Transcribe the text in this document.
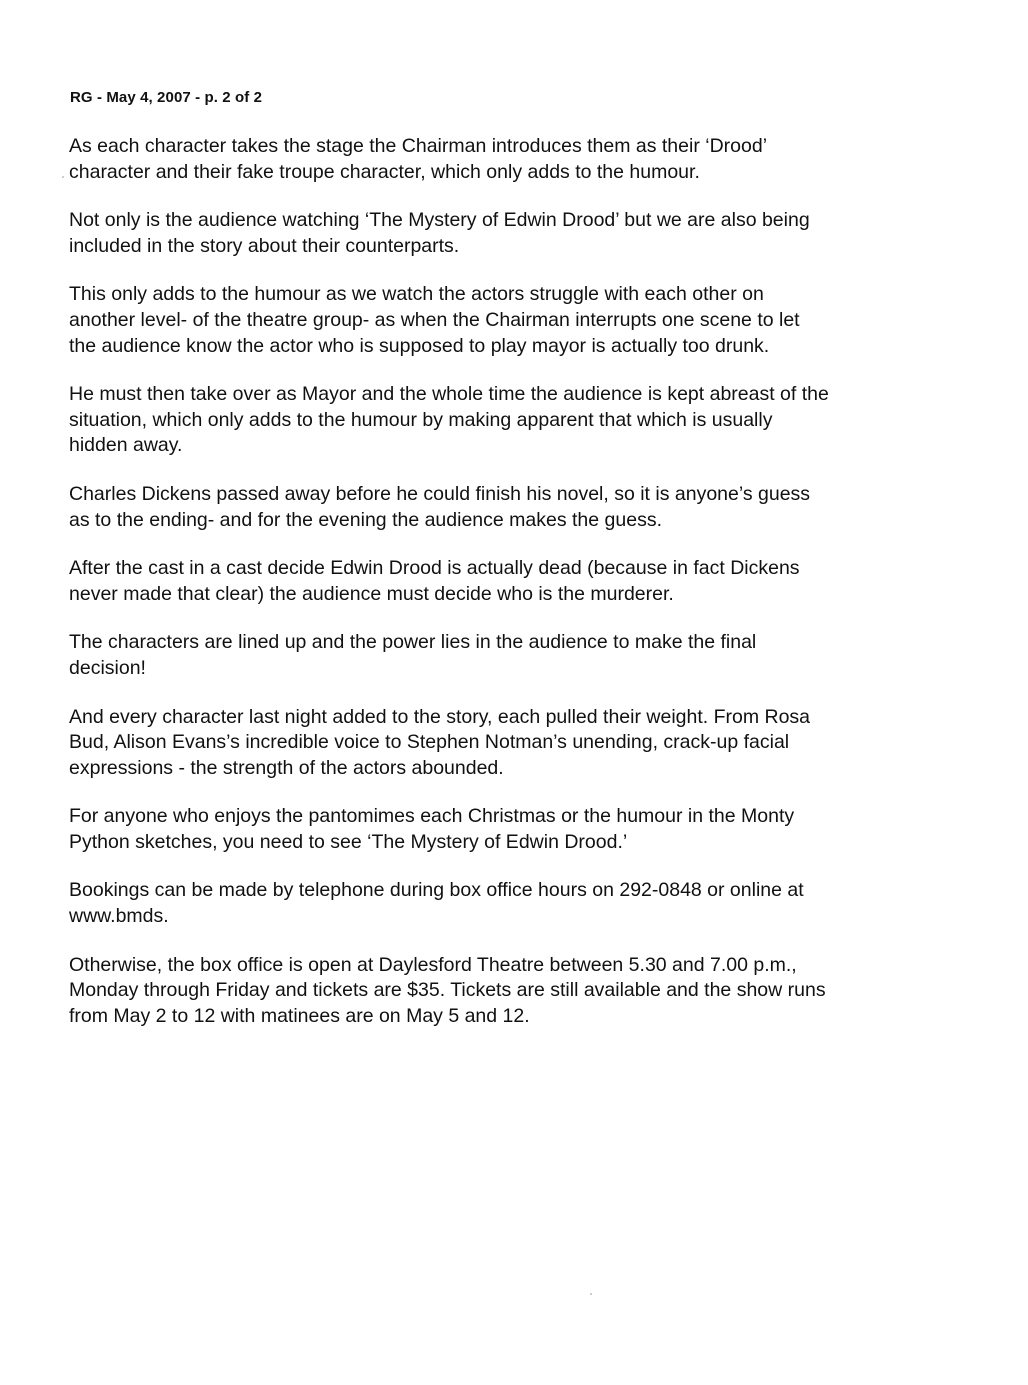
RG - May 4, 2007 - p. 2 of 2

As each character takes the stage the Chairman introduces them as their ‘Drood’
character and their fake troupe character, which only adds to the humour.

Not only is the audience watching ‘The Mystery of Edwin Drood’ but we are also being
included in the story about their counterparts.

This only adds to the humour as we watch the actors struggle with each other on
another level- of the theatre group- as when the Chairman interrupts one scene to let
the audience know the actor who is supposed to play mayor is actually too drunk.

He must then take over as Mayor and the whole time the audience is kept abreast of the
situation, which only adds to the humour by making apparent that which is usually
hidden away.

Charles Dickens passed away before he could finish his novel, so it is anyone’s guess
as to the ending- and for the evening the audience makes the guess.

After the cast in a cast decide Edwin Drood is actually dead (because in fact Dickens
never made that clear) the audience must decide who is the murderer.

The characters are lined up and the power lies in the audience to make the final
decision!

And every character last night added to the story, each pulled their weight. From Rosa
Bud, Alison Evans’s incredible voice to Stephen Notman’s unending, crack-up facial
expressions - the strength of the actors abounded.

For anyone who enjoys the pantomimes each Christmas or the humour in the Monty
Python sketches, you need to see ‘The Mystery of Edwin Drood.’

Bookings can be made by telephone during box office hours on 292-0848 or online at
www.bmds.

Otherwise, the box office is open at Daylesford Theatre between 5.30 and 7.00 p.m.,
Monday through Friday and tickets are $35. Tickets are still available and the show runs
from May 2 to 12 with matinees are on May 5 and 12.
